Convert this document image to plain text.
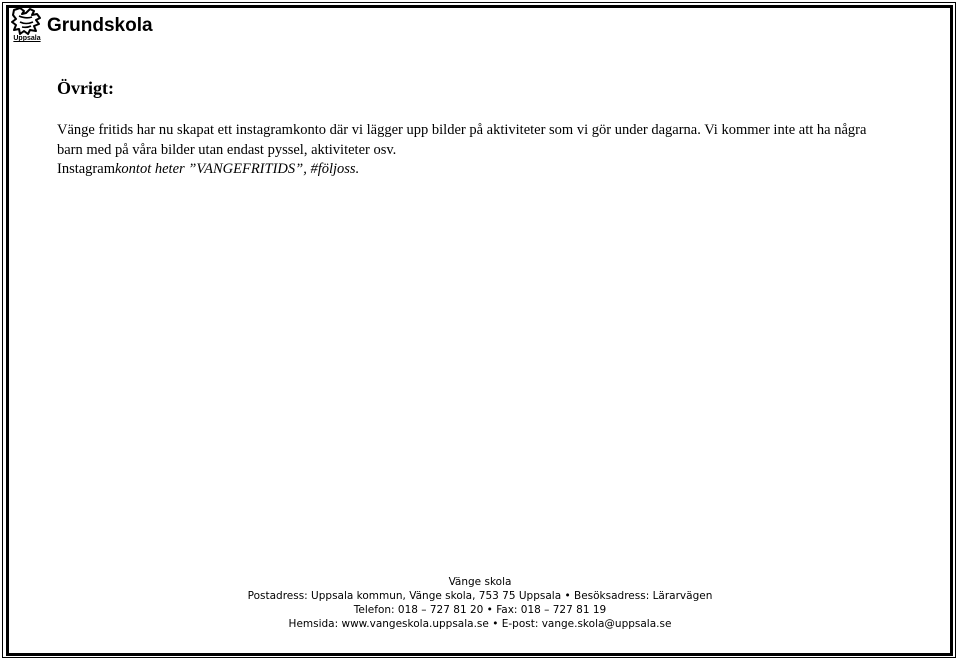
Uppsala
Grundskola
Övrigt:

Vänge fritids har nu skapat ett instagramkonto där vi lägger upp bilder på aktiviteter som vi gör under dagarna. Vi kommer inte att ha några

barn med på våra bilder utan endast pyssel, aktiviteter osv.

Instagramkontot heter ”VANGEFRITIDS”, #följoss.

Vänge skola
Postadress: Uppsala kommun, Vänge skola, 753 75 Uppsala • Besöksadress: Lärarvägen
Telefon: 018 – 727 81 20 • Fax: 018 – 727 81 19
Hemsida: www.vangeskola.uppsala.se • E-post: vange.skola@uppsala.se
